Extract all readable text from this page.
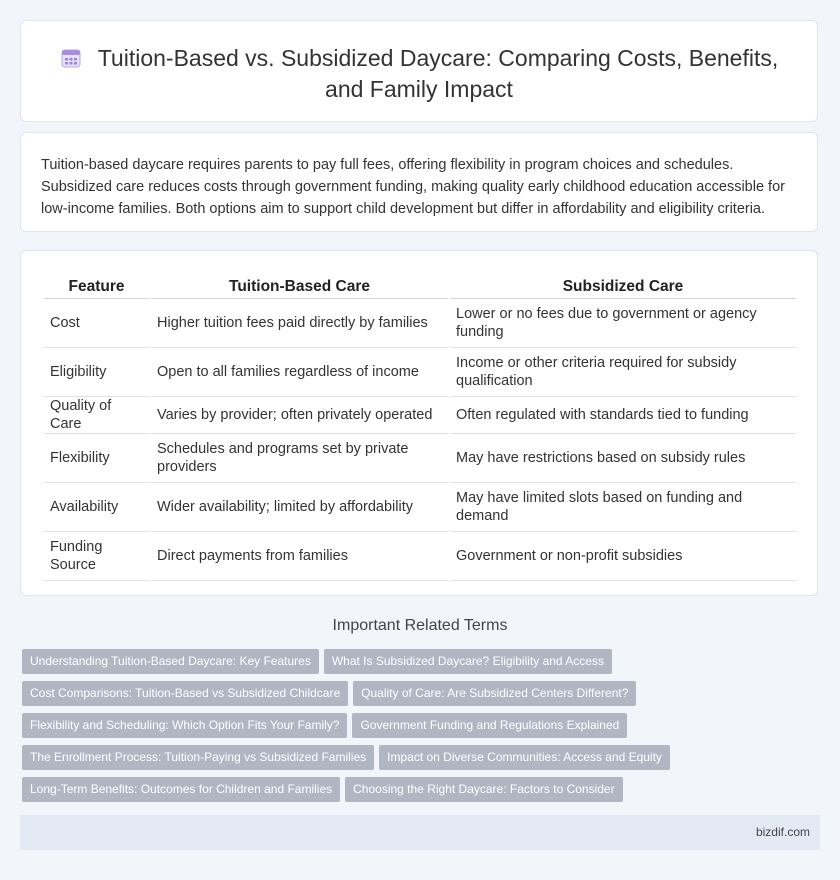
Tuition-Based vs. Subsidized Daycare: Comparing Costs, Benefits, and Family Impact
Tuition-based daycare requires parents to pay full fees, offering flexibility in program choices and schedules. Subsidized care reduces costs through government funding, making quality early childhood education accessible for low-income families. Both options aim to support child development but differ in affordability and eligibility criteria.
Feature	Tuition-Based Care	Subsidized Care
Cost	Higher tuition fees paid directly by families	Lower or no fees due to government or agency funding
Eligibility	Open to all families regardless of income	Income or other criteria required for subsidy qualification
Quality of Care	Varies by provider; often privately operated	Often regulated with standards tied to funding
Flexibility	Schedules and programs set by private providers	May have restrictions based on subsidy rules
Availability	Wider availability; limited by affordability	May have limited slots based on funding and demand
Funding Source	Direct payments from families	Government or non-profit subsidies
Important Related Terms
Understanding Tuition-Based Daycare: Key Features What Is Subsidized Daycare? Eligibility and Access
Cost Comparisons: Tuition-Based vs Subsidized Childcare Quality of Care: Are Subsidized Centers Different?
Flexibility and Scheduling: Which Option Fits Your Family? Government Funding and Regulations Explained
The Enrollment Process: Tuition-Paying vs Subsidized Families Impact on Diverse Communities: Access and Equity
Long-Term Benefits: Outcomes for Children and Families Choosing the Right Daycare: Factors to Consider
bizdif.com
